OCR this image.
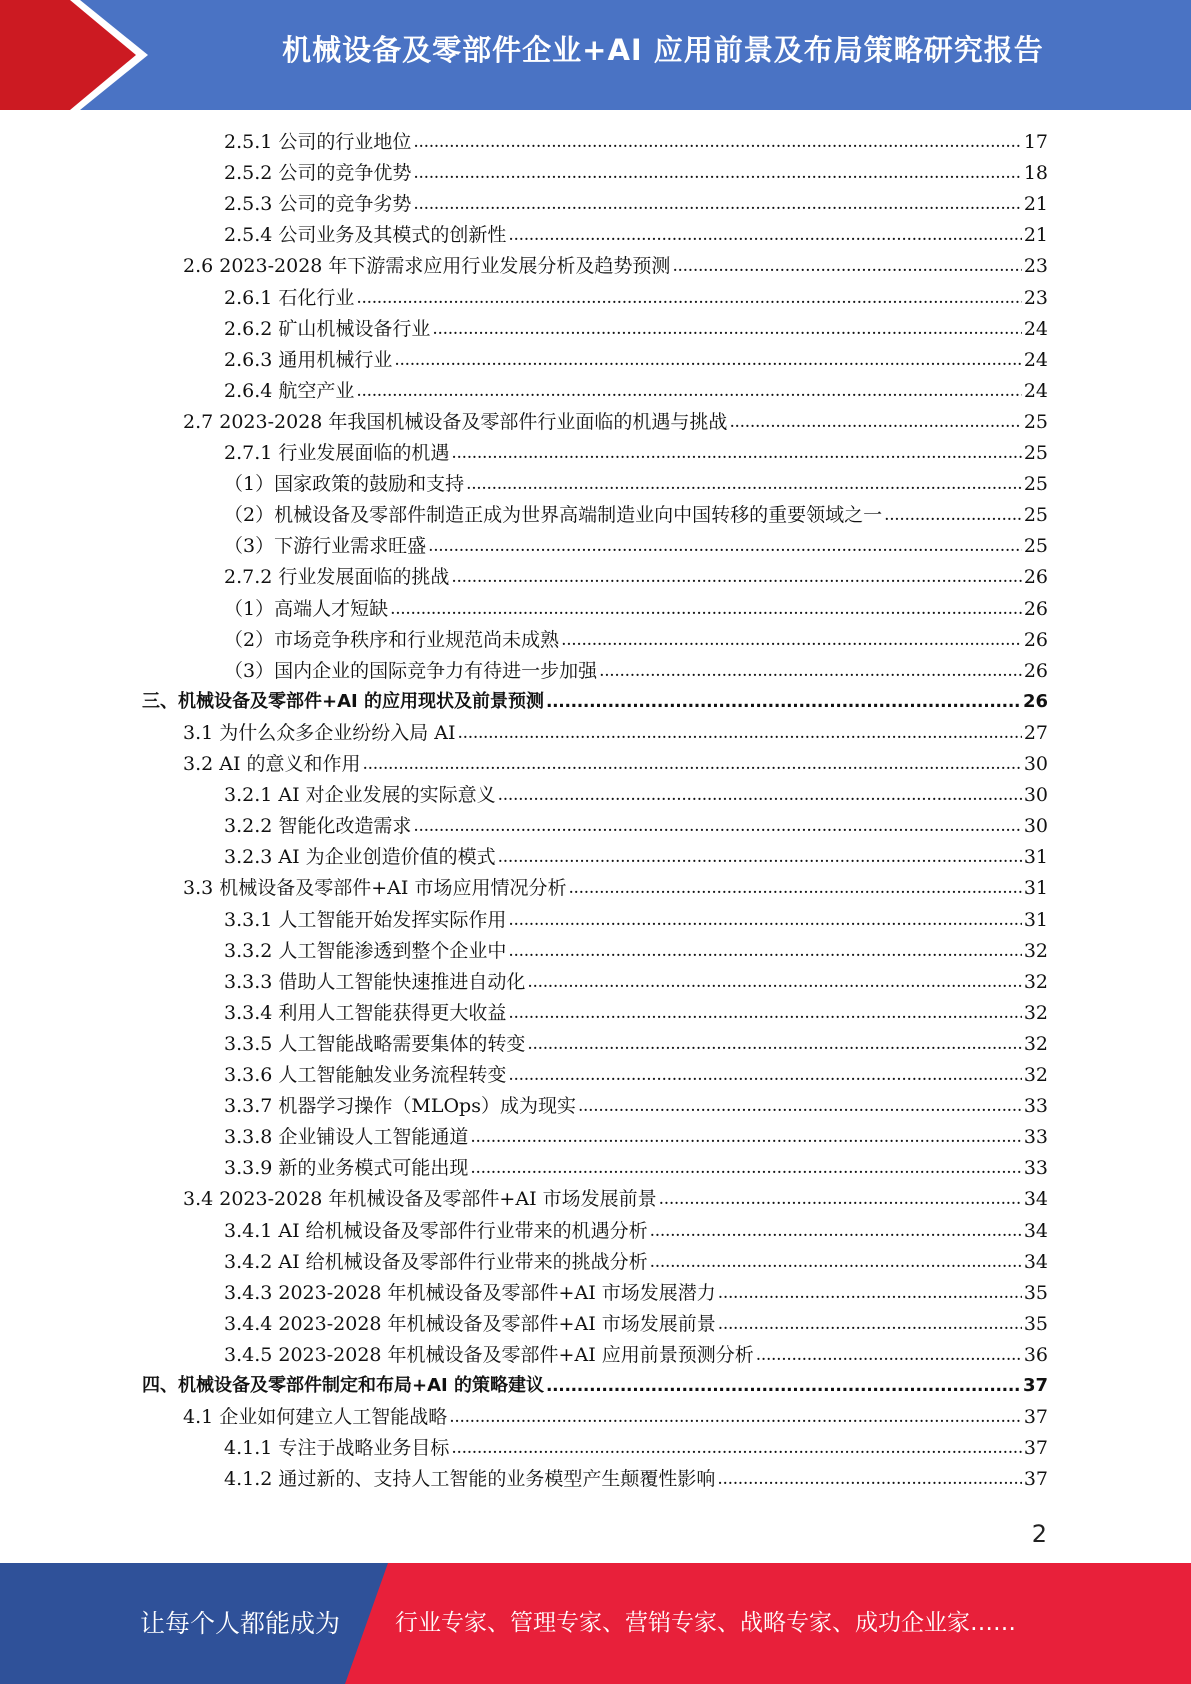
机械设备及零部件企业+AI 应用前景及布局策略研究报告
2.5.1 公司的行业地位 .....	17
2.5.2 公司的竞争优势 .....	18
2.5.3 公司的竞争劣势 .....	21
2.5.4 公司业务及其模式的创新性 .....	21
2.6 2023-2028 年下游需求应用行业发展分析及趋势预测 .....	23
2.6.1 石化行业 .....	23
2.6.2 矿山机械设备行业 .....	24
2.6.3 通用机械行业 .....	24
2.6.4 航空产业 .....	24
2.7 2023-2028 年我国机械设备及零部件行业面临的机遇与挑战 .....	25
2.7.1 行业发展面临的机遇 .....	25
（1）国家政策的鼓励和支持 .....	25
（2）机械设备及零部件制造正成为世界高端制造业向中国转移的重要领域之一 .....	25
（3）下游行业需求旺盛 .....	25
2.7.2 行业发展面临的挑战 .....	26
（1）高端人才短缺 .....	26
（2）市场竞争秩序和行业规范尚未成熟 .....	26
（3）国内企业的国际竞争力有待进一步加强 .....	26
三、机械设备及零部件+AI 的应用现状及前景预测 .....	26
3.1 为什么众多企业纷纷入局 AI .....	27
3.2 AI 的意义和作用 .....	30
3.2.1 AI 对企业发展的实际意义 .....	30
3.2.2 智能化改造需求 .....	30
3.2.3 AI 为企业创造价值的模式 .....	31
3.3 机械设备及零部件+AI 市场应用情况分析 .....	31
3.3.1 人工智能开始发挥实际作用 .....	31
3.3.2 人工智能渗透到整个企业中 .....	32
3.3.3 借助人工智能快速推进自动化 .....	32
3.3.4 利用人工智能获得更大收益 .....	32
3.3.5 人工智能战略需要集体的转变 .....	32
3.3.6 人工智能触发业务流程转变 .....	32
3.3.7 机器学习操作（MLOps）成为现实 .....	33
3.3.8 企业铺设人工智能通道 .....	33
3.3.9 新的业务模式可能出现 .....	33
3.4 2023-2028 年机械设备及零部件+AI 市场发展前景 .....	34
3.4.1 AI 给机械设备及零部件行业带来的机遇分析 .....	34
3.4.2 AI 给机械设备及零部件行业带来的挑战分析 .....	34
3.4.3 2023-2028 年机械设备及零部件+AI 市场发展潜力 .....	35
3.4.4 2023-2028 年机械设备及零部件+AI 市场发展前景 .....	35
3.4.5 2023-2028 年机械设备及零部件+AI 应用前景预测分析 .....	36
四、机械设备及零部件制定和布局+AI 的策略建议 .....	37
4.1 企业如何建立人工智能战略 .....	37
4.1.1 专注于战略业务目标 .....	37
4.1.2 通过新的、支持人工智能的业务模型产生颠覆性影响 .....	37
2
让每个人都能成为	行业专家、管理专家、营销专家、战略专家、成功企业家……
